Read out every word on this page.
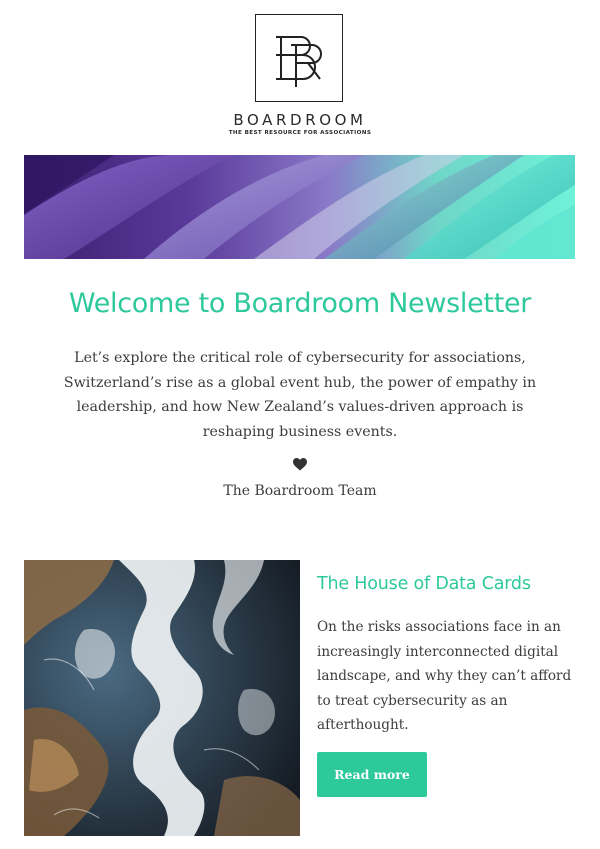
BOARDROOM
THE BEST RESOURCE FOR ASSOCIATIONS
Welcome to Boardroom Newsletter
Let’s explore the critical role of cybersecurity for associations, Switzerland’s rise as a global event hub, the power of empathy in leadership, and how New Zealand’s values-driven approach is reshaping business events.
The Boardroom Team
The House of Data Cards
On the risks associations face in an increasingly interconnected digital landscape, and why they can’t afford to treat cybersecurity as an afterthought.
Read more
